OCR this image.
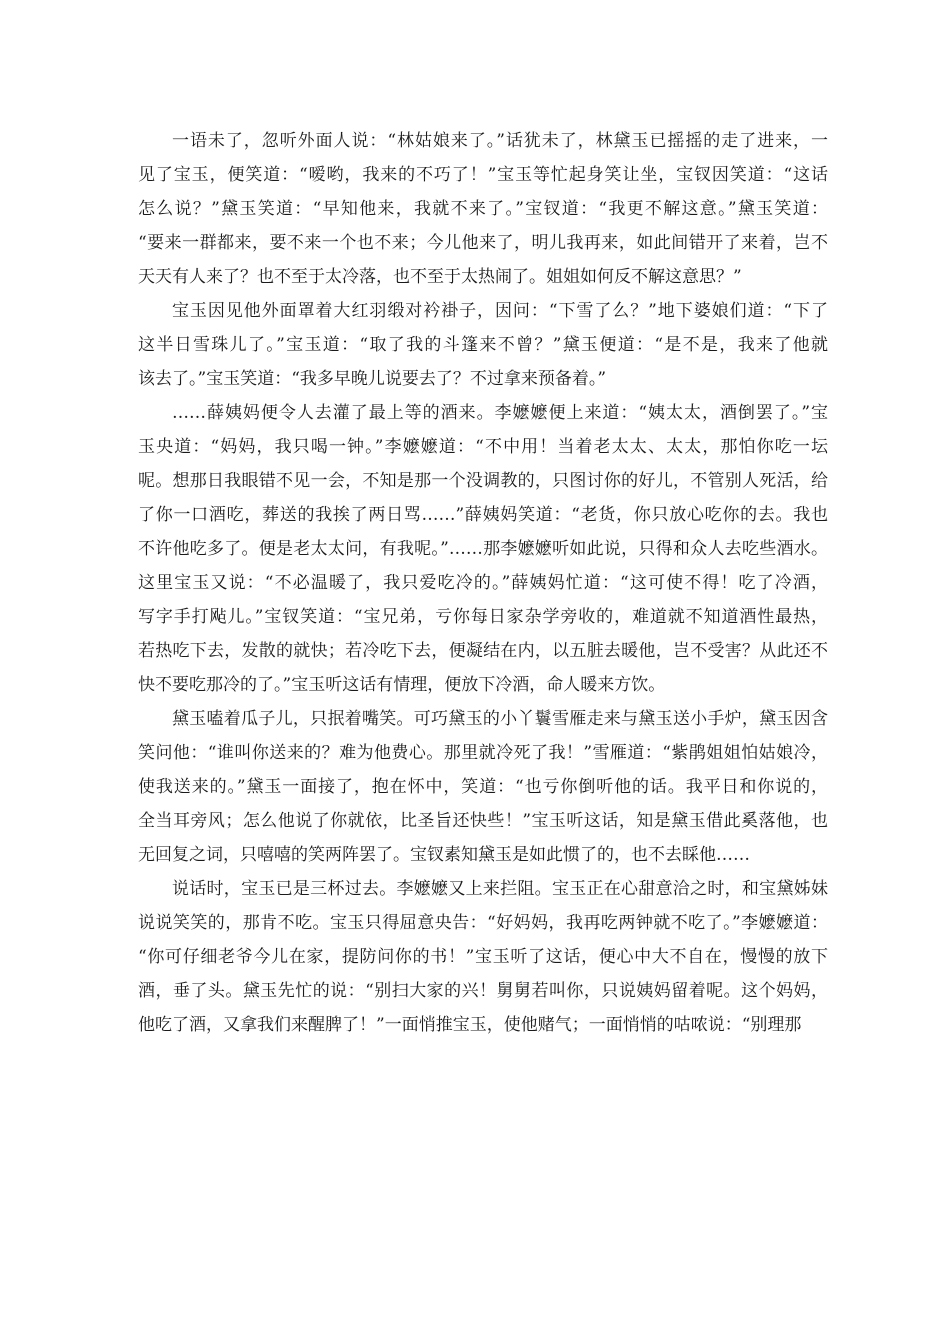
一语未了，忽听外面人说：“林姑娘来了。”话犹未了，林黛玉已摇摇的走了进来，一
见了宝玉，便笑道：“嗳哟，我来的不巧了！”宝玉等忙起身笑让坐，宝钗因笑道：“这话
怎么说？”黛玉笑道：“早知他来，我就不来了。”宝钗道：“我更不解这意。”黛玉笑道：
“要来一群都来，要不来一个也不来；今儿他来了，明儿我再来，如此间错开了来着，岂不
天天有人来了？也不至于太冷落，也不至于太热闹了。姐姐如何反不解这意思？”
宝玉因见他外面罩着大红羽缎对衿褂子，因问：“下雪了么？”地下婆娘们道：“下了
这半日雪珠儿了。”宝玉道：“取了我的斗篷来不曾？”黛玉便道：“是不是，我来了他就
该去了。”宝玉笑道：“我多早晚儿说要去了？不过拿来预备着。”
……薛姨妈便令人去灌了最上等的酒来。李嬷嬷便上来道：“姨太太，酒倒罢了。”宝
玉央道：“妈妈，我只喝一钟。”李嬷嬷道：“不中用！当着老太太、太太，那怕你吃一坛
呢。想那日我眼错不见一会，不知是那一个没调教的，只图讨你的好儿，不管别人死活，给
了你一口酒吃，葬送的我挨了两日骂……”薛姨妈笑道：“老货，你只放心吃你的去。我也
不许他吃多了。便是老太太问，有我呢。”……那李嬷嬷听如此说，只得和众人去吃些酒水。
这里宝玉又说：“不必温暖了，我只爱吃冷的。”薛姨妈忙道：“这可使不得！吃了冷酒，
写字手打飐儿。”宝钗笑道：“宝兄弟，亏你每日家杂学旁收的，难道就不知道酒性最热，
若热吃下去，发散的就快；若冷吃下去，便凝结在内，以五脏去暖他，岂不受害？从此还不
快不要吃那冷的了。”宝玉听这话有情理，便放下冷酒，命人暖来方饮。
黛玉嗑着瓜子儿，只抿着嘴笑。可巧黛玉的小丫鬟雪雁走来与黛玉送小手炉，黛玉因含
笑问他：“谁叫你送来的？难为他费心。那里就冷死了我！”雪雁道：“紫鹃姐姐怕姑娘冷，
使我送来的。”黛玉一面接了，抱在怀中，笑道：“也亏你倒听他的话。我平日和你说的，
全当耳旁风；怎么他说了你就依，比圣旨还快些！”宝玉听这话，知是黛玉借此奚落他，也
无回复之词，只嘻嘻的笑两阵罢了。宝钗素知黛玉是如此惯了的，也不去睬他……
说话时，宝玉已是三杯过去。李嬷嬷又上来拦阻。宝玉正在心甜意洽之时，和宝黛姊妹
说说笑笑的，那肯不吃。宝玉只得屈意央告：“好妈妈，我再吃两钟就不吃了。”李嬷嬷道：
“你可仔细老爷今儿在家，提防问你的书！”宝玉听了这话，便心中大不自在，慢慢的放下
酒，垂了头。黛玉先忙的说：“别扫大家的兴！舅舅若叫你，只说姨妈留着呢。这个妈妈，
他吃了酒，又拿我们来醒脾了！”一面悄推宝玉，使他赌气；一面悄悄的咕哝说：“别理那
